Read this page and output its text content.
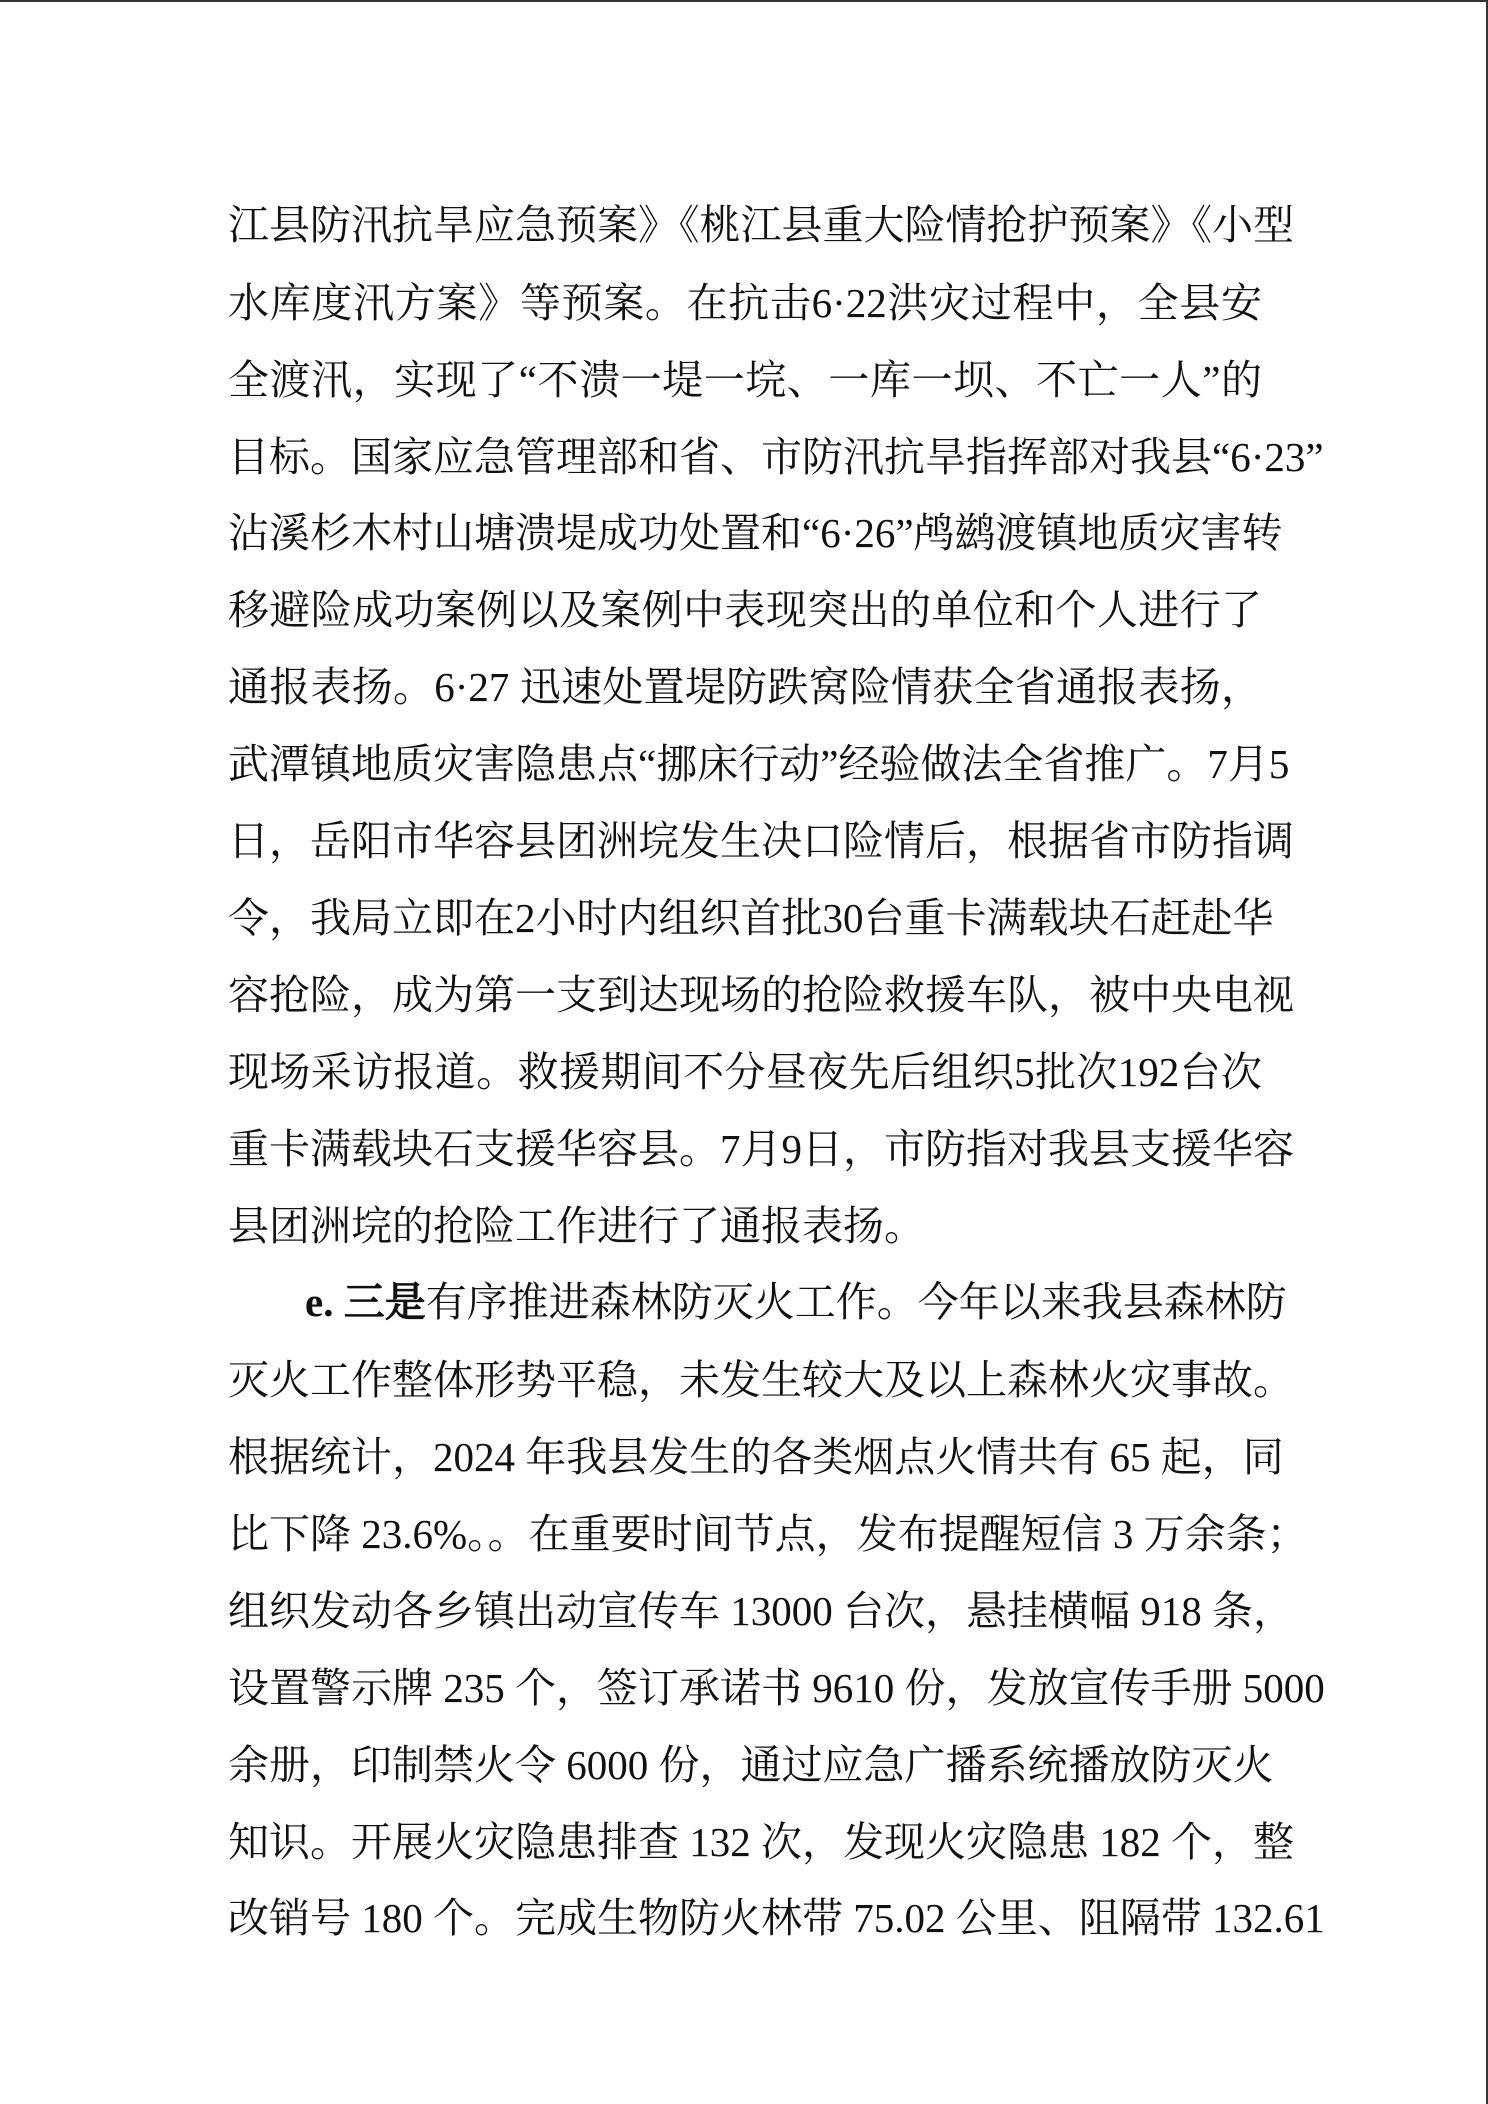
江县防汛抗旱应急预案》《桃江县重大险情抢护预案》《小型
水库度汛方案》等预案。在抗击6·22洪灾过程中，全县安
全渡汛，实现了“不溃一堤一垸、一库一坝、不亡一人”的
目标。国家应急管理部和省、市防汛抗旱指挥部对我县“6·23”
沾溪杉木村山塘溃堤成功处置和“6·26”鸬鹚渡镇地质灾害转
移避险成功案例以及案例中表现突出的单位和个人进行了
通报表扬。6·27 迅速处置堤防跌窝险情获全省通报表扬，
武潭镇地质灾害隐患点“挪床行动”经验做法全省推广。7月5
日，岳阳市华容县团洲垸发生决口险情后，根据省市防指调
令，我局立即在2小时内组织首批30台重卡满载块石赶赴华
容抢险，成为第一支到达现场的抢险救援车队，被中央电视
现场采访报道。救援期间不分昼夜先后组织5批次192台次
重卡满载块石支援华容县。7月9日，市防指对我县支援华容
县团洲垸的抢险工作进行了通报表扬。
e. 三是有序推进森林防灭火工作。今年以来我县森林防
灭火工作整体形势平稳，未发生较大及以上森林火灾事故。
根据统计，2024 年我县发生的各类烟点火情共有 65 起，同
比下降 23.6%。。在重要时间节点，发布提醒短信 3 万余条；
组织发动各乡镇出动宣传车 13000 台次，悬挂横幅 918 条，
设置警示牌 235 个，签订承诺书 9610 份，发放宣传手册 5000
余册，印制禁火令 6000 份，通过应急广播系统播放防灭火
知识。开展火灾隐患排查 132 次，发现火灾隐患 182 个，整
改销号 180 个。完成生物防火林带 75.02 公里、阻隔带 132.61
